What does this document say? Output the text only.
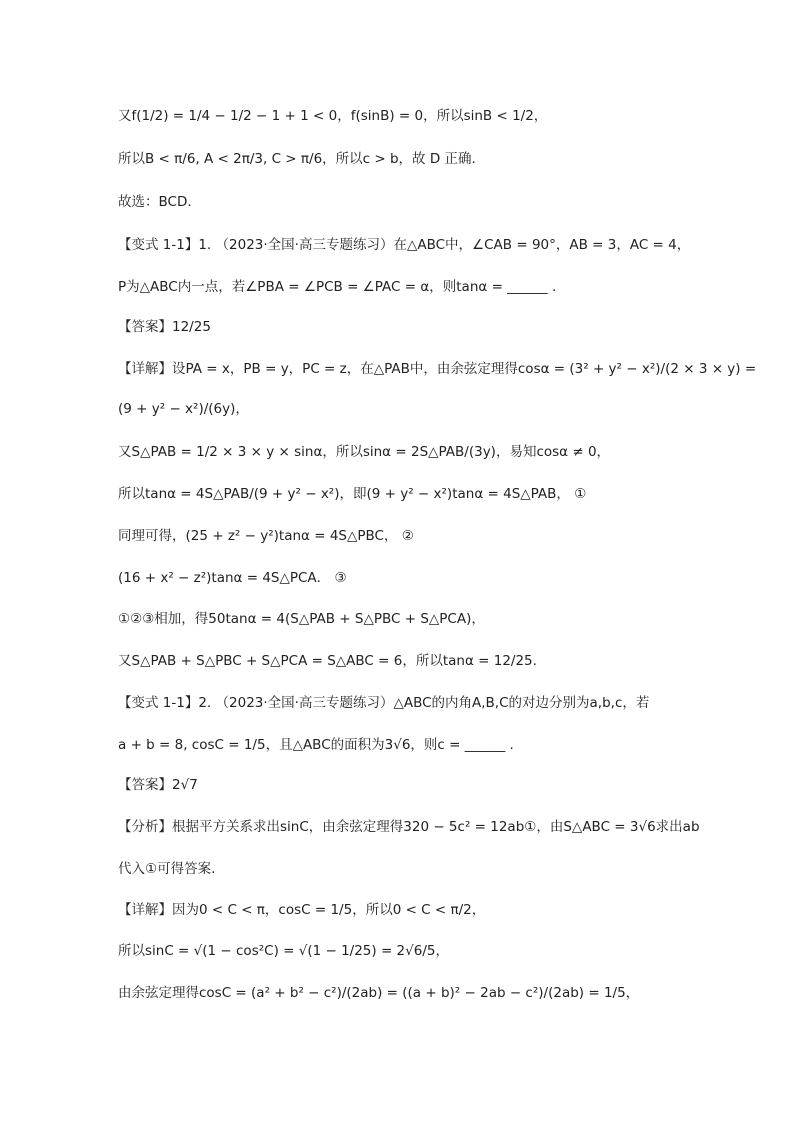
又f(1/2) = 1/4 − 1/2 − 1 + 1 < 0，f(sinB) = 0，所以sinB < 1/2，
所以B < π/6, A < 2π/3, C > π/6，所以c > b，故 D 正确.
故选：BCD.
【变式 1-1】1. （2023·全国·高三专题练习）在△ABC中，∠CAB = 90°，AB = 3，AC = 4，
P为△ABC内一点，若∠PBA = ∠PCB = ∠PAC = α，则tanα = ______ .
【答案】12/25
【详解】设PA = x，PB = y，PC = z，在△PAB中，由余弦定理得cosα = (3² + y² − x²)/(2 × 3 × y) =
(9 + y² − x²)/(6y)，
又S△PAB = 1/2 × 3 × y × sinα，所以sinα = 2S△PAB/(3y)，易知cosα ≠ 0，
所以tanα = 4S△PAB/(9 + y² − x²)，即(9 + y² − x²)tanα = 4S△PAB， ①
同理可得，(25 + z² − y²)tanα = 4S△PBC， ②
(16 + x² − z²)tanα = 4S△PCA． ③
①②③相加，得50tanα = 4(S△PAB + S△PBC + S△PCA)，
又S△PAB + S△PBC + S△PCA = S△ABC = 6，所以tanα = 12/25.
【变式 1-1】2. （2023·全国·高三专题练习）△ABC的内角A,B,C的对边分别为a,b,c，若
a + b = 8, cosC = 1/5，且△ABC的面积为3√6，则c = ______ .
【答案】2√7
【分析】根据平方关系求出sinC，由余弦定理得320 − 5c² = 12ab①，由S△ABC = 3√6求出ab
代入①可得答案.
【详解】因为0 < C < π，cosC = 1/5，所以0 < C < π/2，
所以sinC = √(1 − cos²C) = √(1 − 1/25) = 2√6/5，
由余弦定理得cosC = (a² + b² − c²)/(2ab) = ((a + b)² − 2ab − c²)/(2ab) = 1/5，
